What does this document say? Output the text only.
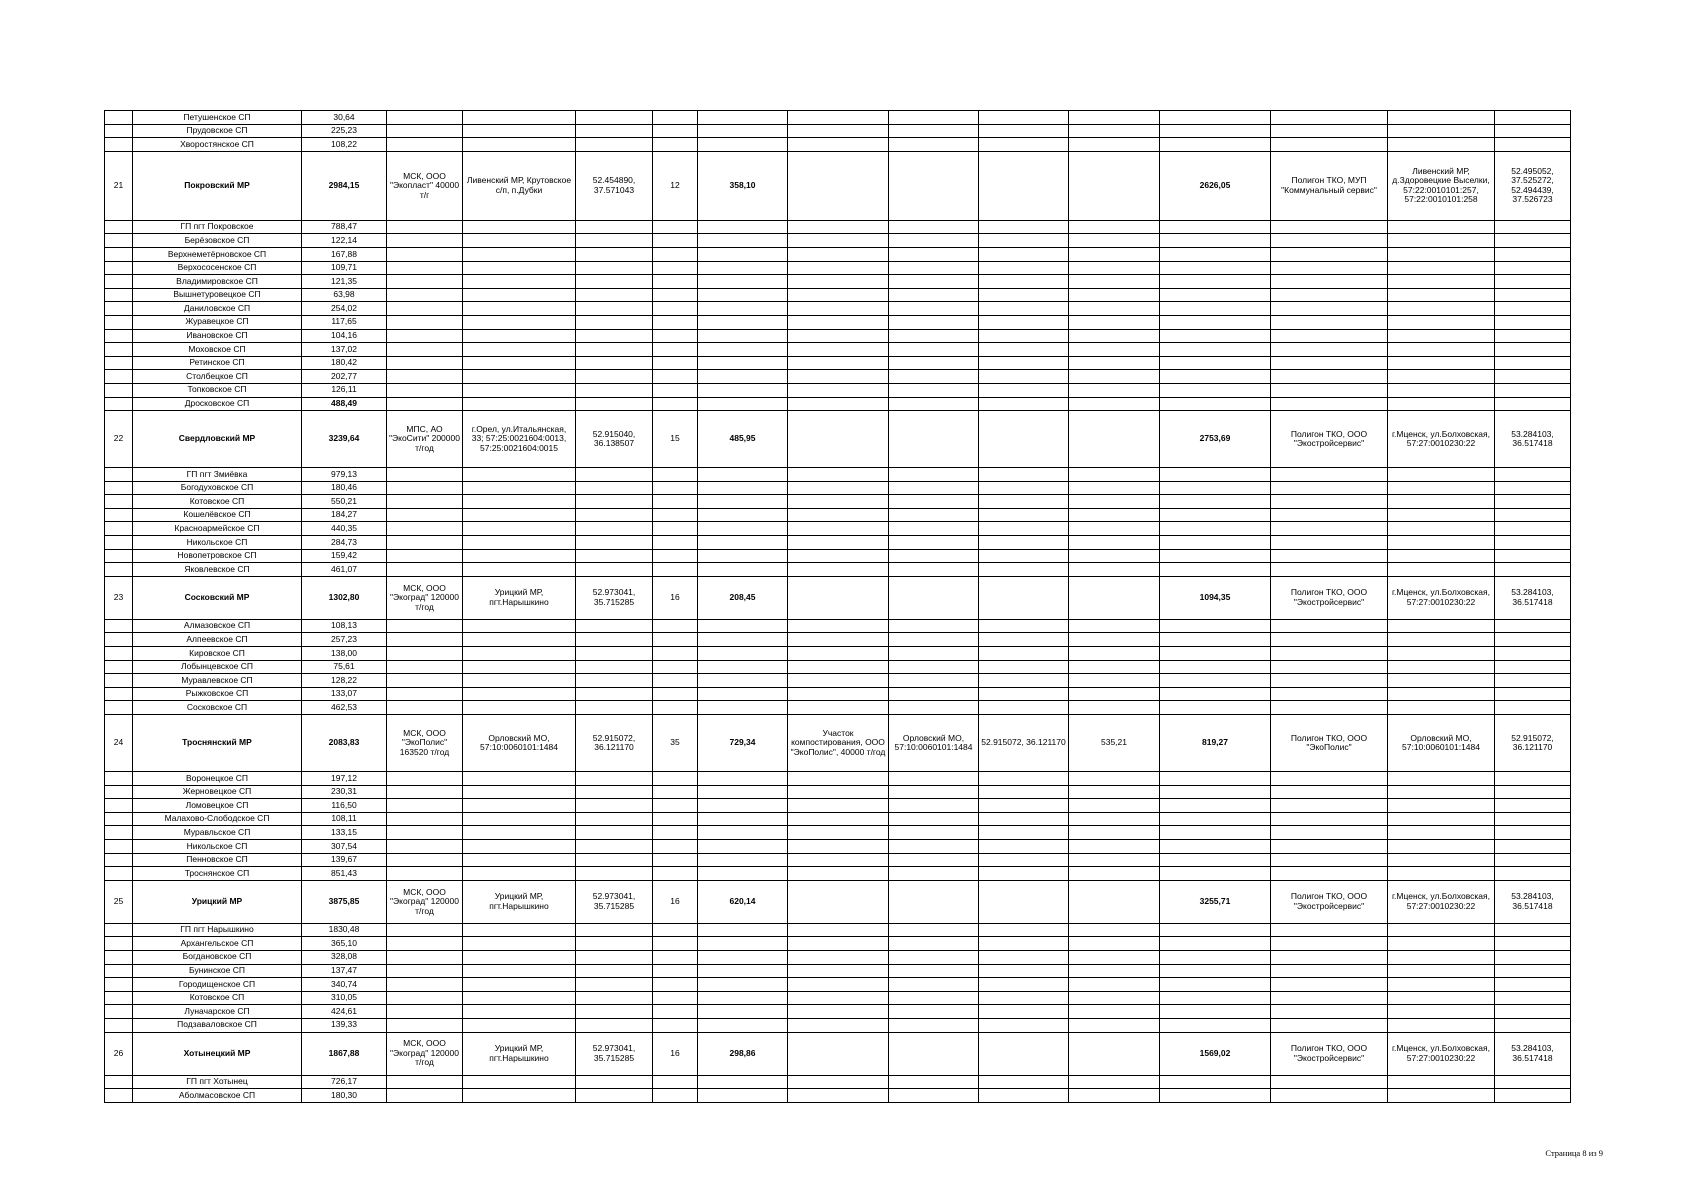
	Петушенское СП	30,64													
	Прудовское СП	225,23													
	Хворостянское СП	108,22													
21	Покровский МР	2984,15	МСК, ООО "Экопласт" 40000 т/г	Ливенский МР, Крутовское с/п, п.Дубки	52.454890, 37.571043	12	358,10					2626,05	Полигон ТКО, МУП "Коммунальный сервис"	Ливенский МР, д.Здоровецкие Выселки, 57:22:0010101:257, 57:22:0010101:258	52.495052, 37.525272, 52.494439, 37.526723
	ГП пгт Покровское	788,47													
	Берёзовское СП	122,14													
	Верхнеметёрновское СП	167,88													
	Верхососенское СП	109,71													
	Владимировское СП	121,35													
	Вышнетуровецкое СП	63,98													
	Даниловское СП	254,02													
	Журавецкое СП	117,65													
	Ивановское СП	104,16													
	Моховское СП	137,02													
	Ретинское СП	180,42													
	Столбецкое СП	202,77													
	Топковское СП	126,11													
	Дросковское СП	488,49													
22	Свердловский МР	3239,64	МПС, АО "ЭкоСити" 200000 т/год	г.Орел, ул.Итальянская, 33; 57:25:0021604:0013, 57:25:0021604:0015	52.915040, 36.138507	15	485,95					2753,69	Полигон ТКО, ООО "Экостройсервис"	г.Мценск, ул.Болховская, 57:27:0010230:22	53.284103, 36.517418
	ГП пгт Змиёвка	979,13													
	Богодуховское СП	180,46													
	Котовское СП	550,21													
	Кошелёвское СП	184,27													
	Красноармейское СП	440,35													
	Никольское СП	284,73													
	Новопетровское СП	159,42													
	Яковлевское СП	461,07													
23	Сосковский МР	1302,80	МСК, ООО "Экоград" 120000 т/год	Урицкий МР, пгт.Нарышкино	52.973041, 35.715285	16	208,45					1094,35	Полигон ТКО, ООО "Экостройсервис"	г.Мценск, ул.Болховская, 57:27:0010230:22	53.284103, 36.517418
	Алмазовское СП	108,13													
	Алпеевское СП	257,23													
	Кировское СП	138,00													
	Лобынцевское СП	75,61													
	Муравлевское СП	128,22													
	Рыжковское СП	133,07													
	Сосковское СП	462,53													
24	Троснянский МР	2083,83	МСК, ООО "ЭкоПолис" 163520 т/год	Орловский МО, 57:10:0060101:1484	52.915072, 36.121170	35	729,34	Участок компостирования, ООО "ЭкоПолис", 40000 т/год	Орловский МО, 57:10:0060101:1484	52.915072, 36.121170	535,21	819,27	Полигон ТКО, ООО "ЭкоПолис"	Орловский МО, 57:10:0060101:1484	52.915072, 36.121170
	Воронецкое СП	197,12													
	Жерновецкое СП	230,31													
	Ломовецкое СП	116,50													
	Малахово-Слободское СП	108,11													
	Муравльское СП	133,15													
	Никольское СП	307,54													
	Пенновское СП	139,67													
	Троснянское СП	851,43													
25	Урицкий МР	3875,85	МСК, ООО "Экоград" 120000 т/год	Урицкий МР, пгт.Нарышкино	52.973041, 35.715285	16	620,14					3255,71	Полигон ТКО, ООО "Экостройсервис"	г.Мценск, ул.Болховская, 57:27:0010230:22	53.284103, 36.517418
	ГП пгт Нарышкино	1830,48													
	Архангельское СП	365,10													
	Богдановское СП	328,08													
	Бунинское СП	137,47													
	Городищенское СП	340,74													
	Котовское СП	310,05													
	Луначарское СП	424,61													
	Подзаваловское СП	139,33													
26	Хотынецкий МР	1867,88	МСК, ООО "Экоград" 120000 т/год	Урицкий МР, пгт.Нарышкино	52.973041, 35.715285	16	298,86					1569,02	Полигон ТКО, ООО "Экостройсервис"	г.Мценск, ул.Болховская, 57:27:0010230:22	53.284103, 36.517418
	ГП пгт Хотынец	726,17													
	Аболмасовское СП	180,30													
Страница 8 из 9
